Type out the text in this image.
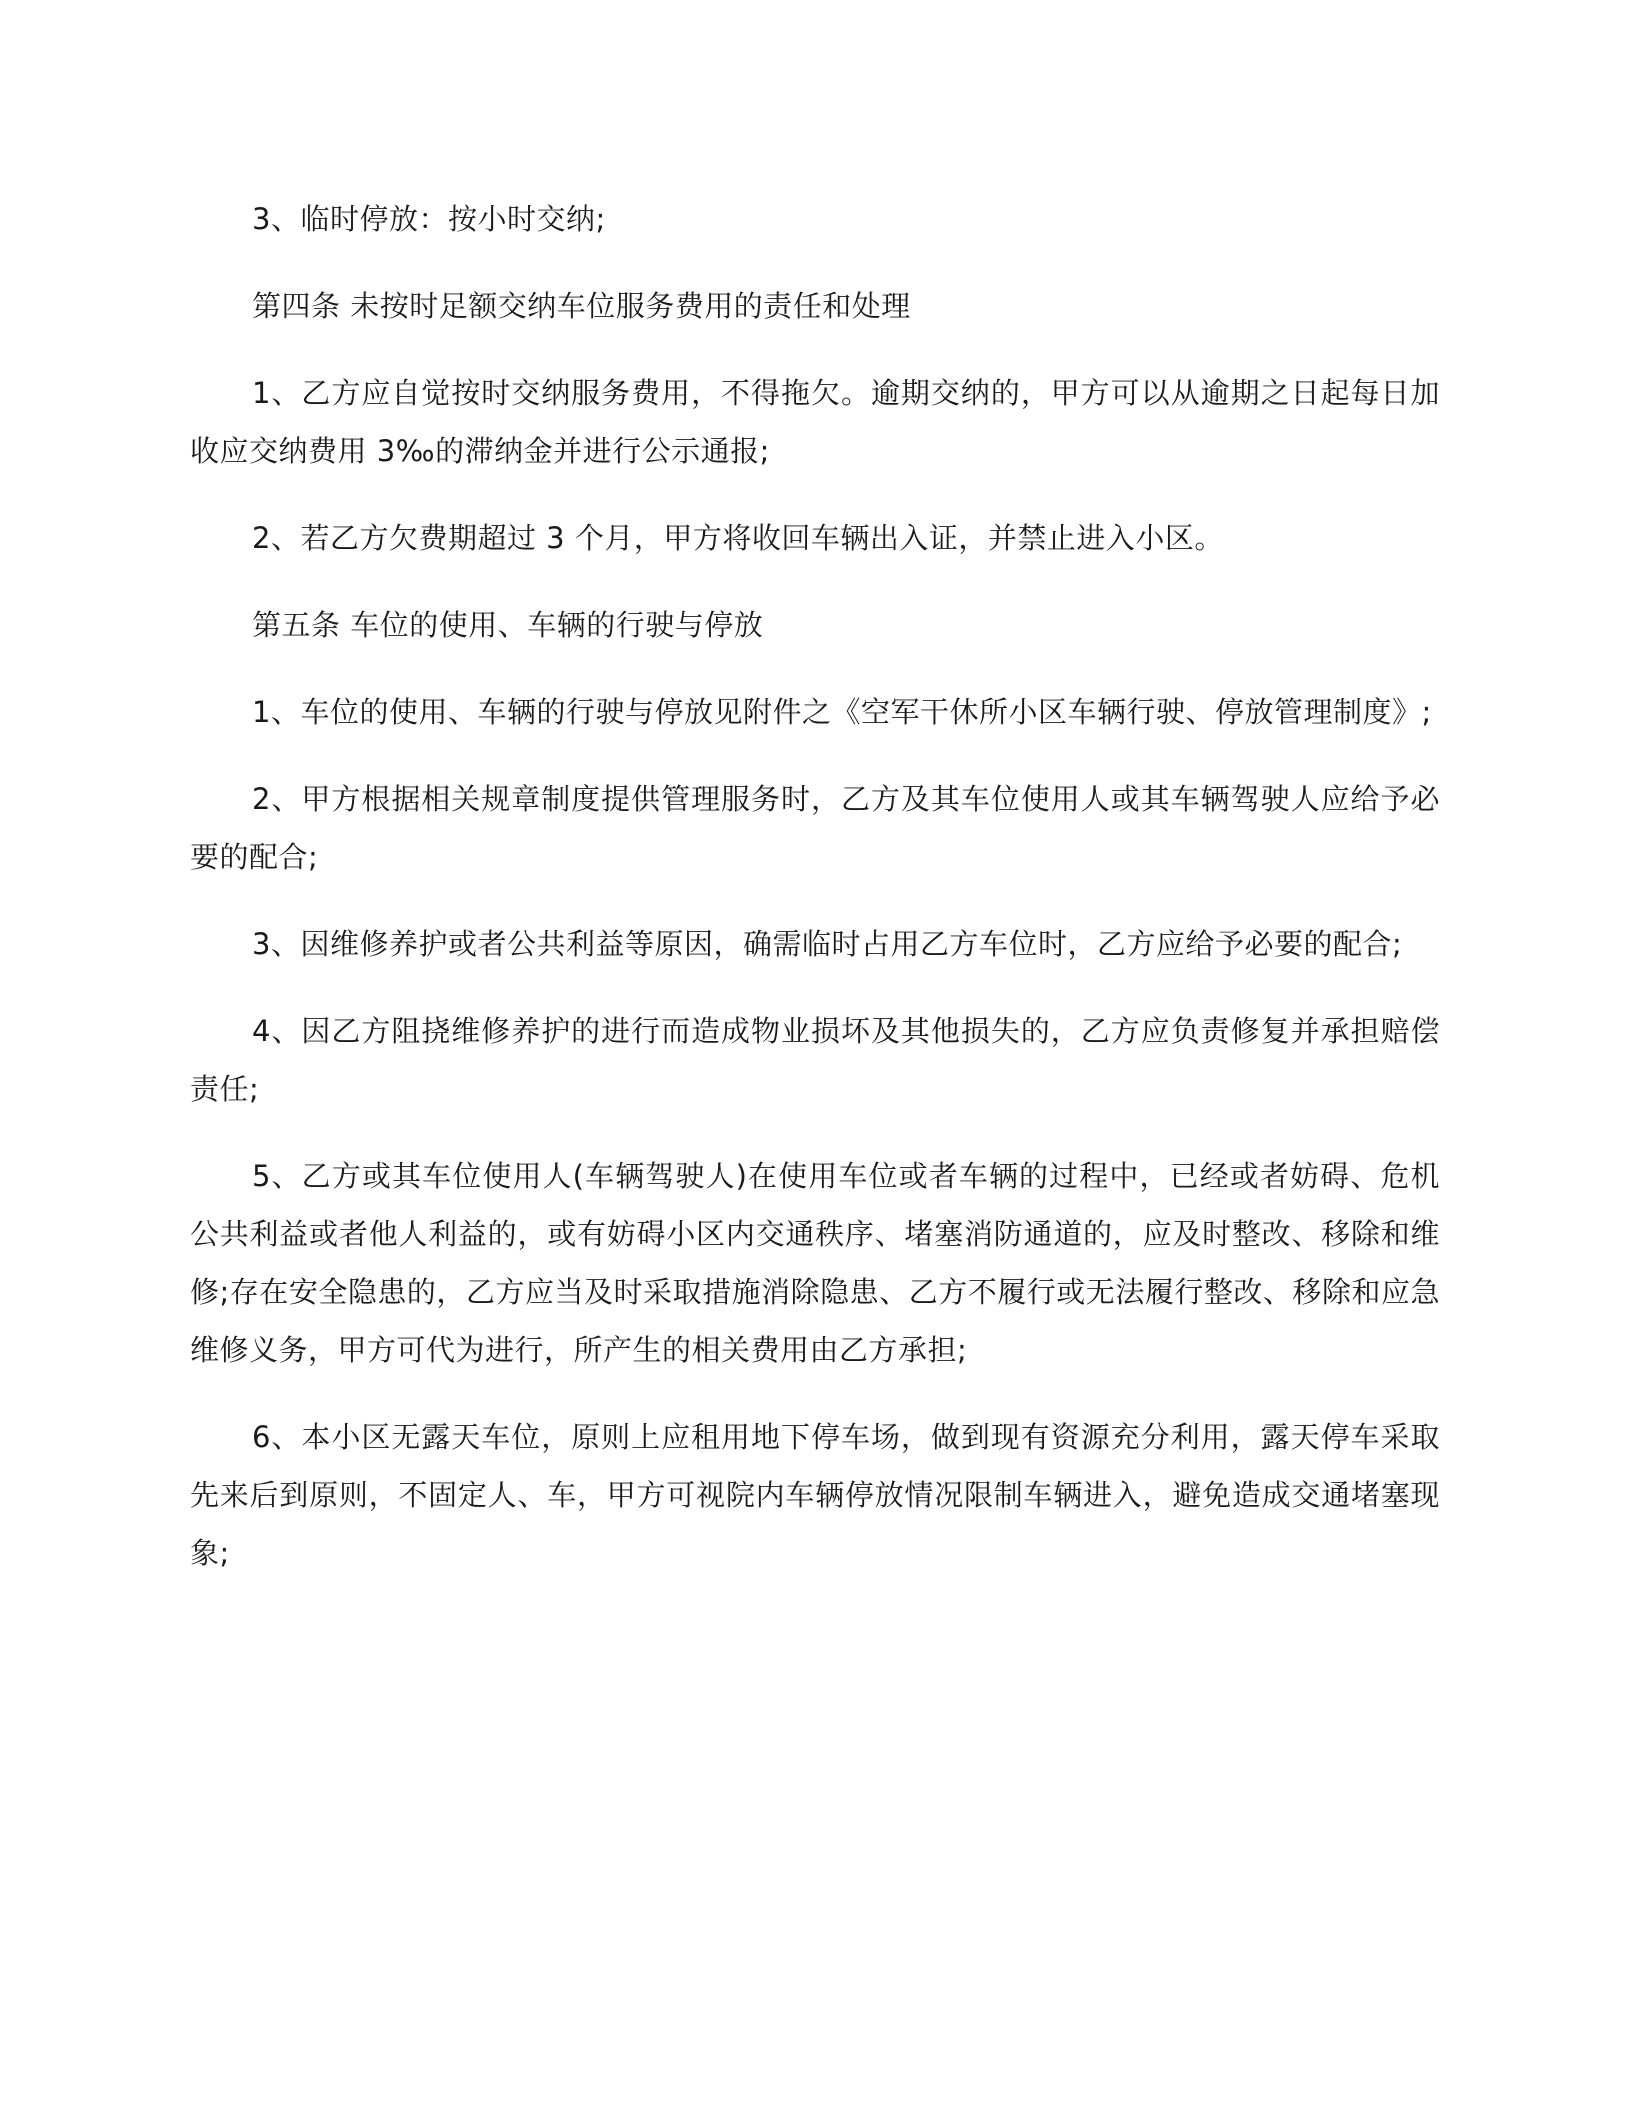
3、临时停放：按小时交纳;

第四条 未按时足额交纳车位服务费用的责任和处理

1、乙方应自觉按时交纳服务费用，不得拖欠。逾期交纳的，甲方可以从逾期之日起每日加收应交纳费用 3‰的滞纳金并进行公示通报;

2、若乙方欠费期超过 3 个月，甲方将收回车辆出入证，并禁止进入小区。

第五条 车位的使用、车辆的行驶与停放

1、车位的使用、车辆的行驶与停放见附件之《空军干休所小区车辆行驶、停放管理制度》;

2、甲方根据相关规章制度提供管理服务时，乙方及其车位使用人或其车辆驾驶人应给予必要的配合;

3、因维修养护或者公共利益等原因，确需临时占用乙方车位时，乙方应给予必要的配合;

4、因乙方阻挠维修养护的进行而造成物业损坏及其他损失的，乙方应负责修复并承担赔偿责任;

5、乙方或其车位使用人(车辆驾驶人)在使用车位或者车辆的过程中，已经或者妨碍、危机公共利益或者他人利益的，或有妨碍小区内交通秩序、堵塞消防通道的，应及时整改、移除和维修;存在安全隐患的，乙方应当及时采取措施消除隐患、乙方不履行或无法履行整改、移除和应急维修义务，甲方可代为进行，所产生的相关费用由乙方承担;

6、本小区无露天车位，原则上应租用地下停车场，做到现有资源充分利用，露天停车采取先来后到原则，不固定人、车，甲方可视院内车辆停放情况限制车辆进入，避免造成交通堵塞现象;
